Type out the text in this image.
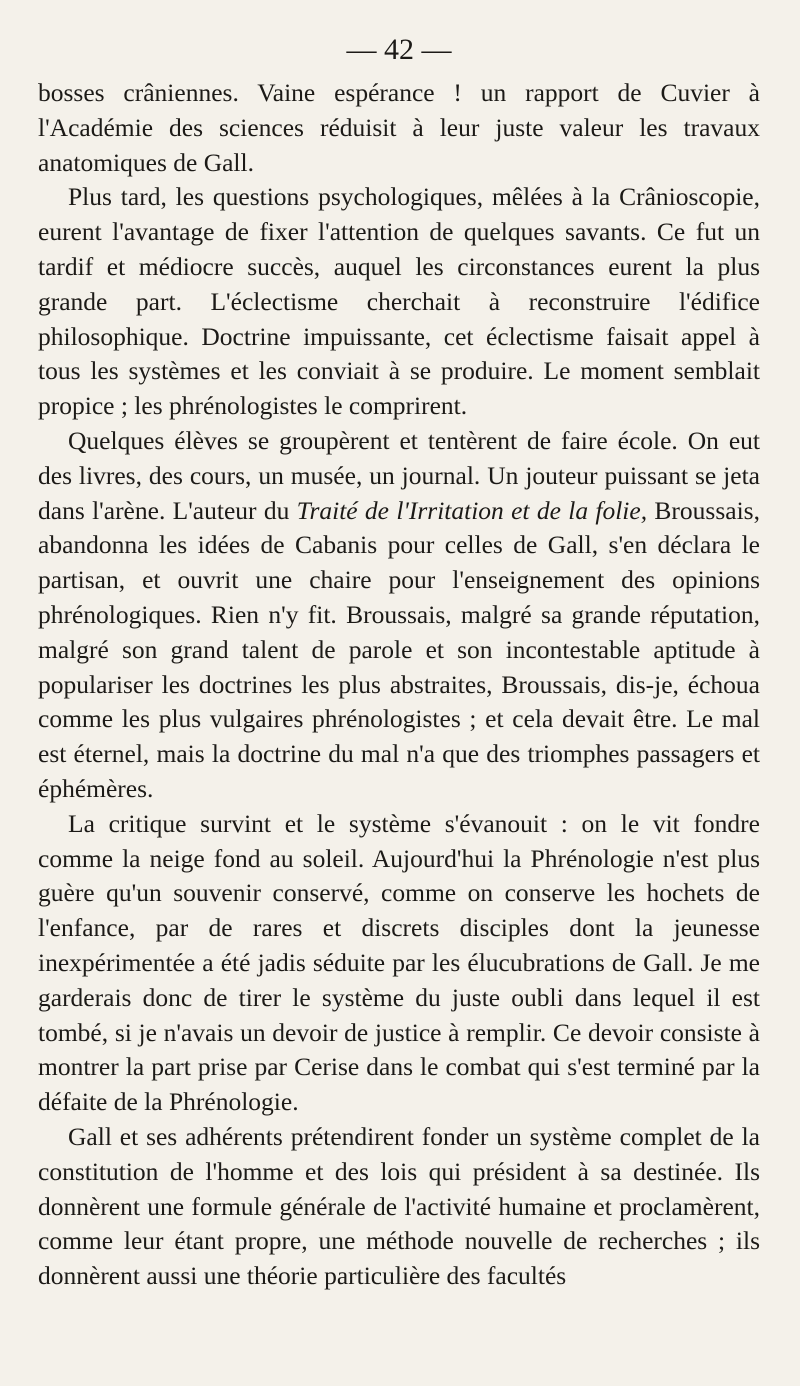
— 42 —

bosses crâniennes. Vaine espérance ! un rapport de Cuvier à l'Académie des sciences réduisit à leur juste valeur les travaux anatomiques de Gall.

Plus tard, les questions psychologiques, mêlées à la Crânioscopie, eurent l'avantage de fixer l'attention de quelques savants. Ce fut un tardif et médiocre succès, auquel les circonstances eurent la plus grande part. L'éclectisme cherchait à reconstruire l'édifice philosophique. Doctrine impuissante, cet éclectisme faisait appel à tous les systèmes et les conviait à se produire. Le moment semblait propice ; les phrénologistes le comprirent.

Quelques élèves se groupèrent et tentèrent de faire école. On eut des livres, des cours, un musée, un journal. Un jouteur puissant se jeta dans l'arène. L'auteur du Traité de l'Irritation et de la folie, Broussais, abandonna les idées de Cabanis pour celles de Gall, s'en déclara le partisan, et ouvrit une chaire pour l'enseignement des opinions phrénologiques. Rien n'y fit. Broussais, malgré sa grande réputation, malgré son grand talent de parole et son incontestable aptitude à populariser les doctrines les plus abstraites, Broussais, dis-je, échoua comme les plus vulgaires phrénologistes ; et cela devait être. Le mal est éternel, mais la doctrine du mal n'a que des triomphes passagers et éphémères.

La critique survint et le système s'évanouit : on le vit fondre comme la neige fond au soleil. Aujourd'hui la Phrénologie n'est plus guère qu'un souvenir conservé, comme on conserve les hochets de l'enfance, par de rares et discrets disciples dont la jeunesse inexpérimentée a été jadis séduite par les élucubrations de Gall. Je me garderais donc de tirer le système du juste oubli dans lequel il est tombé, si je n'avais un devoir de justice à remplir. Ce devoir consiste à montrer la part prise par Cerise dans le combat qui s'est terminé par la défaite de la Phrénologie.

Gall et ses adhérents prétendirent fonder un système complet de la constitution de l'homme et des lois qui président à sa destinée. Ils donnèrent une formule générale de l'activité humaine et proclamèrent, comme leur étant propre, une méthode nouvelle de recherches ; ils donnèrent aussi une théorie particulière des facultés
